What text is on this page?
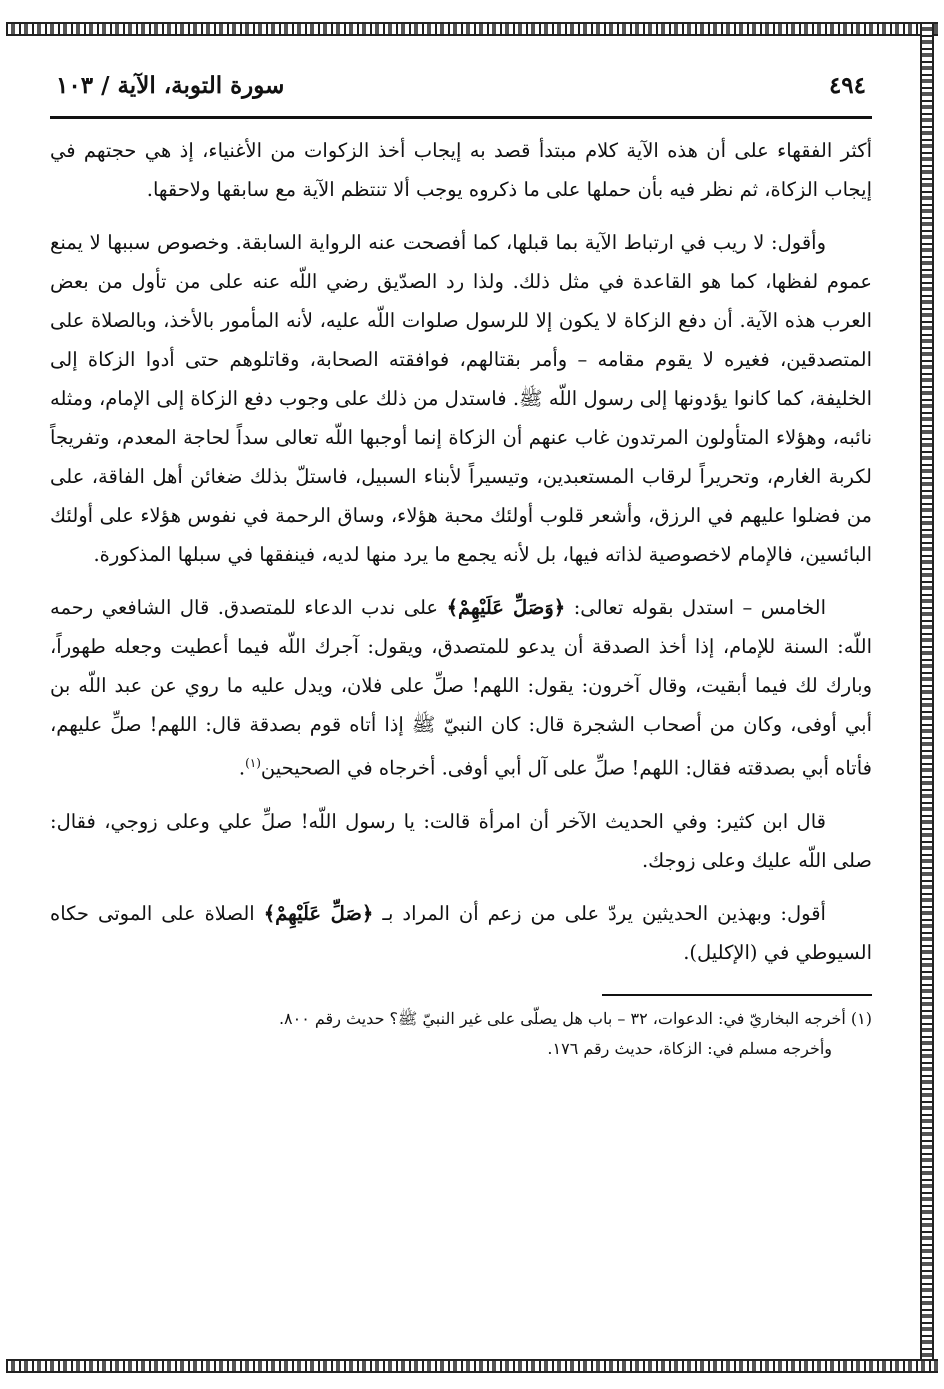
٤٩٤
سورة التوبة، الآية / ١٠٣

أكثر الفقهاء على أن هذه الآية كلام مبتدأ قصد به إيجاب أخذ الزكوات من الأغنياء، إذ هي حجتهم في إيجاب الزكاة، ثم نظر فيه بأن حملها على ما ذكروه يوجب ألا تنتظم الآية مع سابقها ولاحقها.

وأقول: لا ريب في ارتباط الآية بما قبلها، كما أفصحت عنه الرواية السابقة. وخصوص سببها لا يمنع عموم لفظها، كما هو القاعدة في مثل ذلك. ولذا رد الصدّيق رضي اللّه عنه على من تأول من بعض العرب هذه الآية. أن دفع الزكاة لا يكون إلا للرسول صلوات اللّه عليه، لأنه المأمور بالأخذ، وبالصلاة على المتصدقين، فغيره لا يقوم مقامه – وأمر بقتالهم، فوافقته الصحابة، وقاتلوهم حتى أدوا الزكاة إلى الخليفة، كما كانوا يؤدونها إلى رسول اللّه ﷺ. فاستدل من ذلك على وجوب دفع الزكاة إلى الإمام، ومثله نائبه، وهؤلاء المتأولون المرتدون غاب عنهم أن الزكاة إنما أوجبها اللّه تعالى سداً لحاجة المعدم، وتفريجاً لكربة الغارم، وتحريراً لرقاب المستعبدين، وتيسيراً لأبناء السبيل، فاستلّ بذلك ضغائن أهل الفاقة، على من فضلوا عليهم في الرزق، وأشعر قلوب أولئك محبة هؤلاء، وساق الرحمة في نفوس هؤلاء على أولئك البائسين، فالإمام لاخصوصية لذاته فيها، بل لأنه يجمع ما يرد منها لديه، فينفقها في سبلها المذكورة.

الخامس – استدل بقوله تعالى: ﴿وَصَلِّ عَلَيْهِمْ﴾ على ندب الدعاء للمتصدق. قال الشافعي رحمه اللّه: السنة للإمام، إذا أخذ الصدقة أن يدعو للمتصدق، ويقول: آجرك اللّه فيما أعطيت وجعله طهوراً، وبارك لك فيما أبقيت، وقال آخرون: يقول: اللهم! صلِّ على فلان، ويدل عليه ما روي عن عبد اللّه بن أبي أوفى، وكان من أصحاب الشجرة قال: كان النبيّ ﷺ إذا أتاه قوم بصدقة قال: اللهم! صلِّ عليهم، فأتاه أبي بصدقته فقال: اللهم! صلِّ على آل أبي أوفى. أخرجاه في الصحيحين$^{(١)}$.

قال ابن كثير: وفي الحديث الآخر أن امرأة قالت: يا رسول اللّه! صلِّ علي وعلى زوجي، فقال: صلى اللّه عليك وعلى زوجك.

أقول: وبهذين الحديثين يردّ على من زعم أن المراد بـ ﴿صَلِّ عَلَيْهِمْ﴾ الصلاة على الموتى حكاه السيوطي في (الإكليل).

(١) أخرجه البخاريّ في: الدعوات، ٣٢ – باب هل يصلّى على غير النبيّ ﷺ؟ حديث رقم ٨٠٠.

وأخرجه مسلم في: الزكاة، حديث رقم ١٧٦.
